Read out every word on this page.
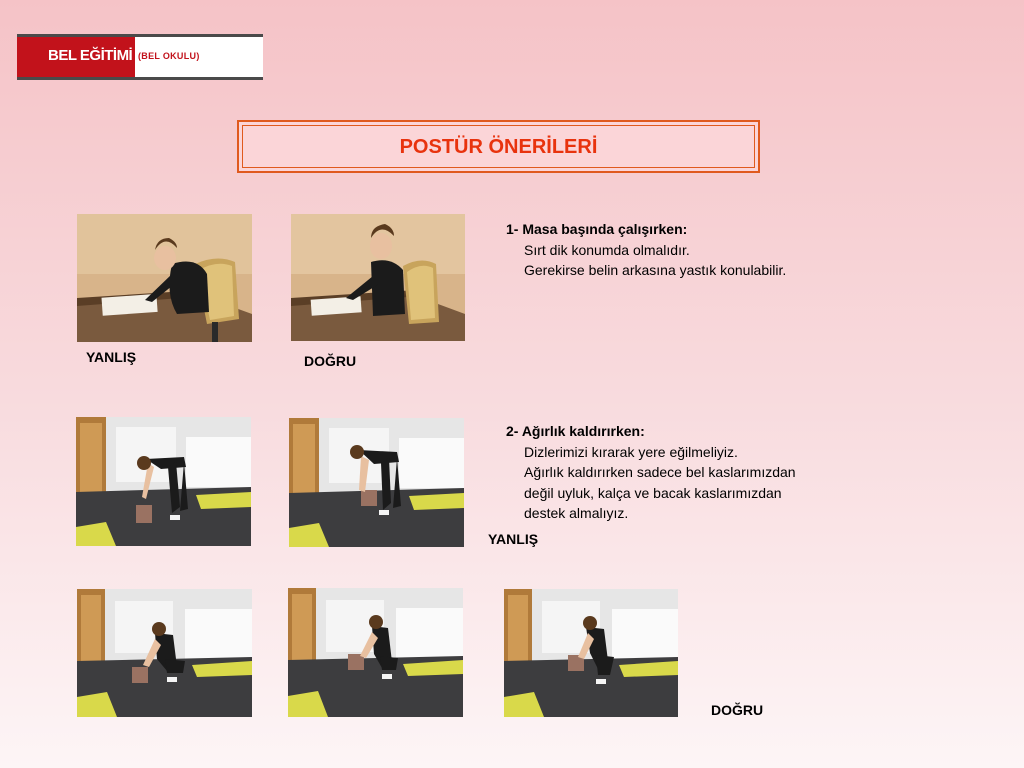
BEL EĞİTİMİ (BEL OKULU)
POSTÜR ÖNERİLERİ
YANLIŞ	DOĞRU
1- Masa başında çalışırken:
Sırt dik konumda olmalıdır.
Gerekirse belin arkasına yastık konulabilir.
2- Ağırlık kaldırırken:
Dizlerimizi kırarak yere eğilmeliyiz.
Ağırlık kaldırırken sadece bel kaslarımızdan
değil uyluk, kalça ve bacak kaslarımızdan
destek almalıyız.
YANLIŞ
DOĞRU
